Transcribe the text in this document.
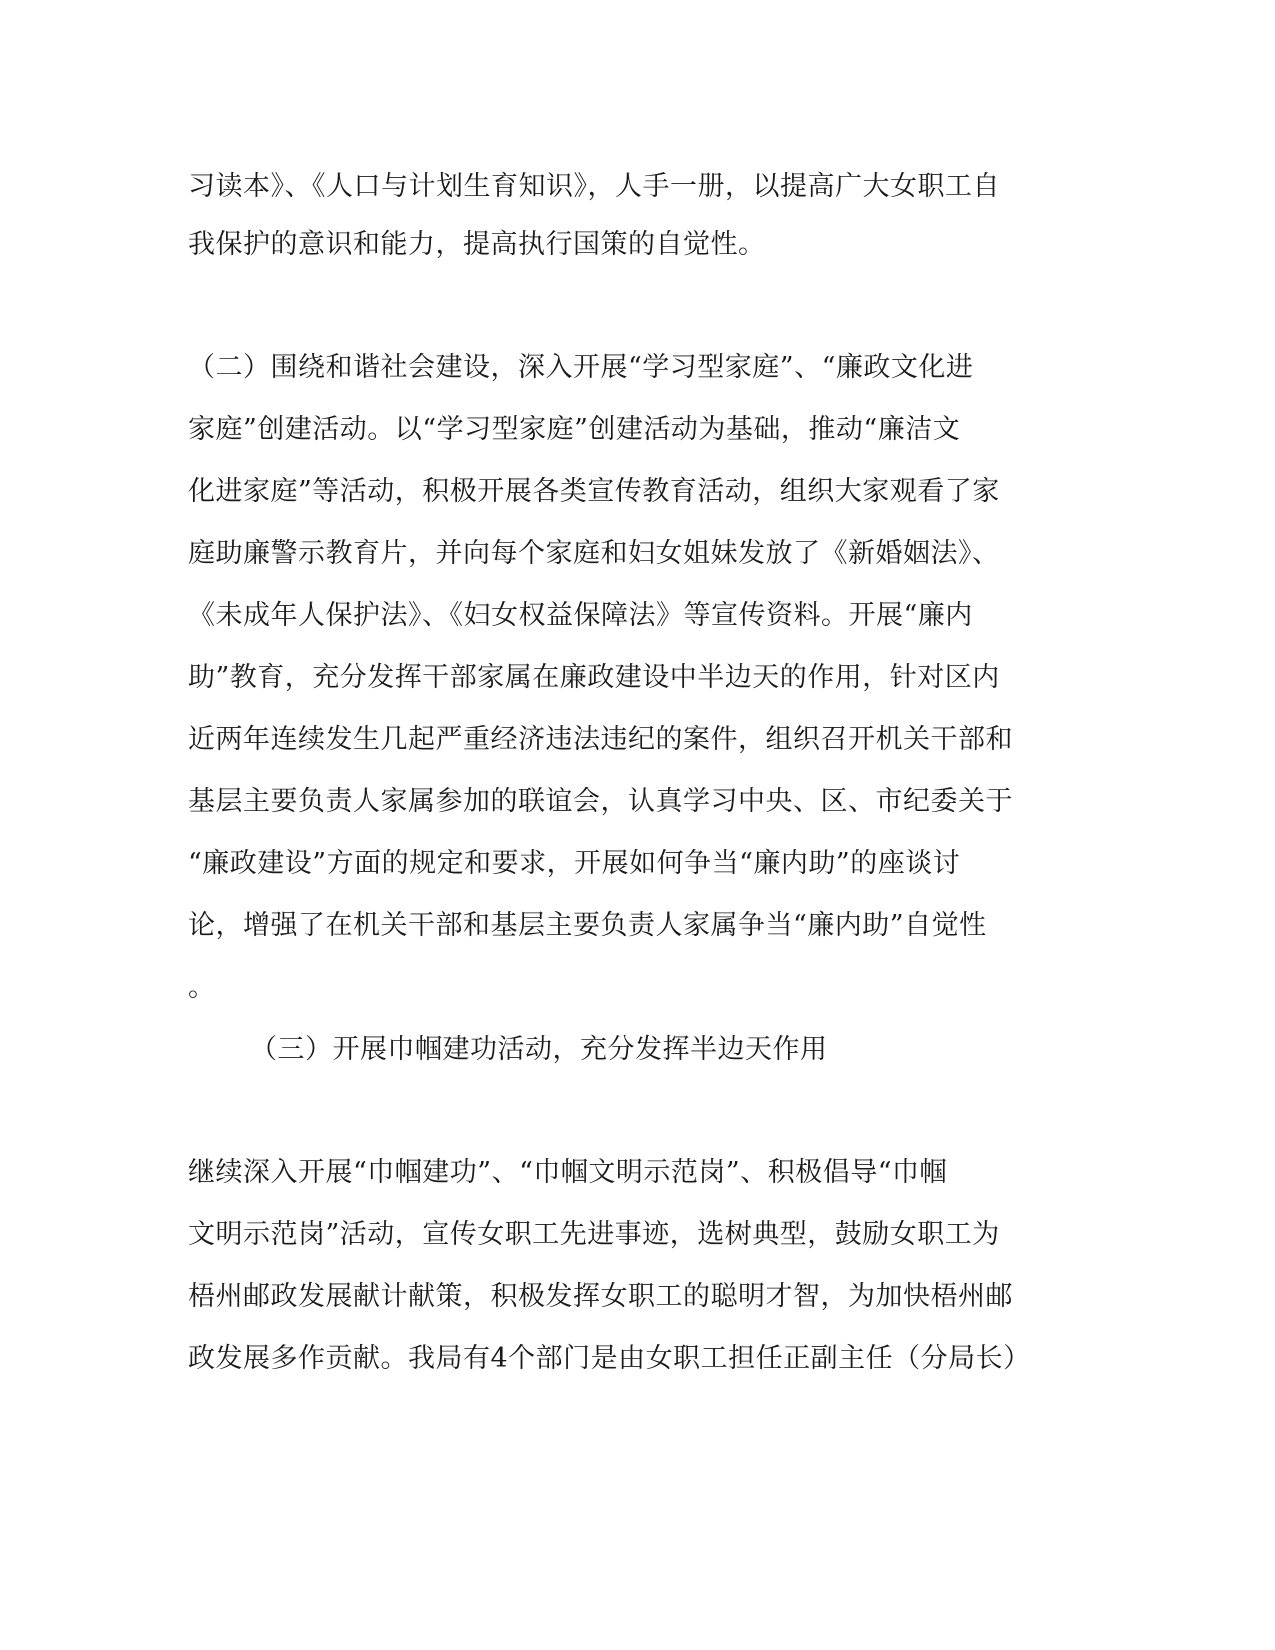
习读本》、《人口与计划生育知识》，人手一册，以提高广大女职工自
我保护的意识和能力，提高执行国策的自觉性。
（二）围绕和谐社会建设，深入开展“学习型家庭”、“廉政文化进
家庭”创建活动。以“学习型家庭”创建活动为基础，推动“廉洁文
化进家庭”等活动，积极开展各类宣传教育活动，组织大家观看了家
庭助廉警示教育片，并向每个家庭和妇女姐妹发放了《新婚姻法》、
《未成年人保护法》、《妇女权益保障法》等宣传资料。开展“廉内
助”教育，充分发挥干部家属在廉政建设中半边天的作用，针对区内
近两年连续发生几起严重经济违法违纪的案件，组织召开机关干部和
基层主要负责人家属参加的联谊会，认真学习中央、区、市纪委关于
“廉政建设”方面的规定和要求，开展如何争当“廉内助”的座谈讨
论，增强了在机关干部和基层主要负责人家属争当“廉内助”自觉性
。
（三）开展巾帼建功活动，充分发挥半边天作用
继续深入开展“巾帼建功”、“巾帼文明示范岗”、积极倡导“巾帼
文明示范岗”活动，宣传女职工先进事迹，选树典型，鼓励女职工为
梧州邮政发展献计献策，积极发挥女职工的聪明才智，为加快梧州邮
政发展多作贡献。我局有4个部门是由女职工担任正副主任（分局长）
